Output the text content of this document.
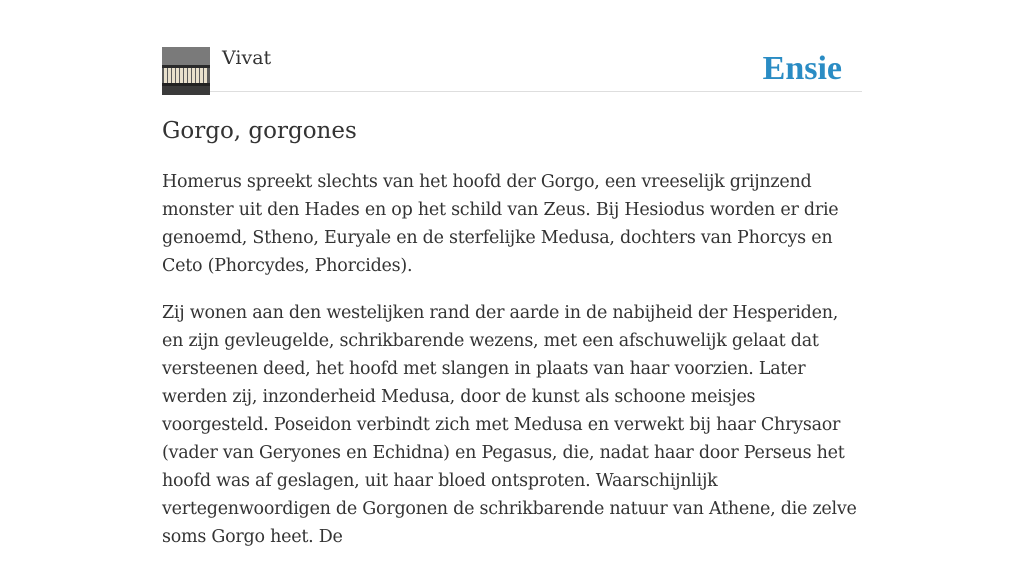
Vivat	Ensie
Gorgo, gorgones

Homerus spreekt slechts van het hoofd der Gorgo, een vreeselijk grijnzend monster uit den Hades en op het schild van Zeus. Bij Hesiodus worden er drie genoemd, Stheno, Euryale en de sterfelijke Medusa, dochters van Phorcys en Ceto (Phorcydes, Phorcides).

Zij wonen aan den westelijken rand der aarde in de nabijheid der Hesperiden, en zijn gevleugelde, schrikbarende wezens, met een afschuwelijk gelaat dat versteenen deed, het hoofd met slangen in plaats van haar voorzien. Later werden zij, inzonderheid Medusa, door de kunst als schoone meisjes voorgesteld. Poseidon verbindt zich met Medusa en verwekt bij haar Chrysaor (vader van Geryones en Echidna) en Pegasus, die, nadat haar door Perseus het hoofd was af geslagen, uit haar bloed ontsproten. Waarschijnlijk vertegenwoordigen de Gorgonen de schrikbarende natuur van Athene, die zelve soms Gorgo heet. De
